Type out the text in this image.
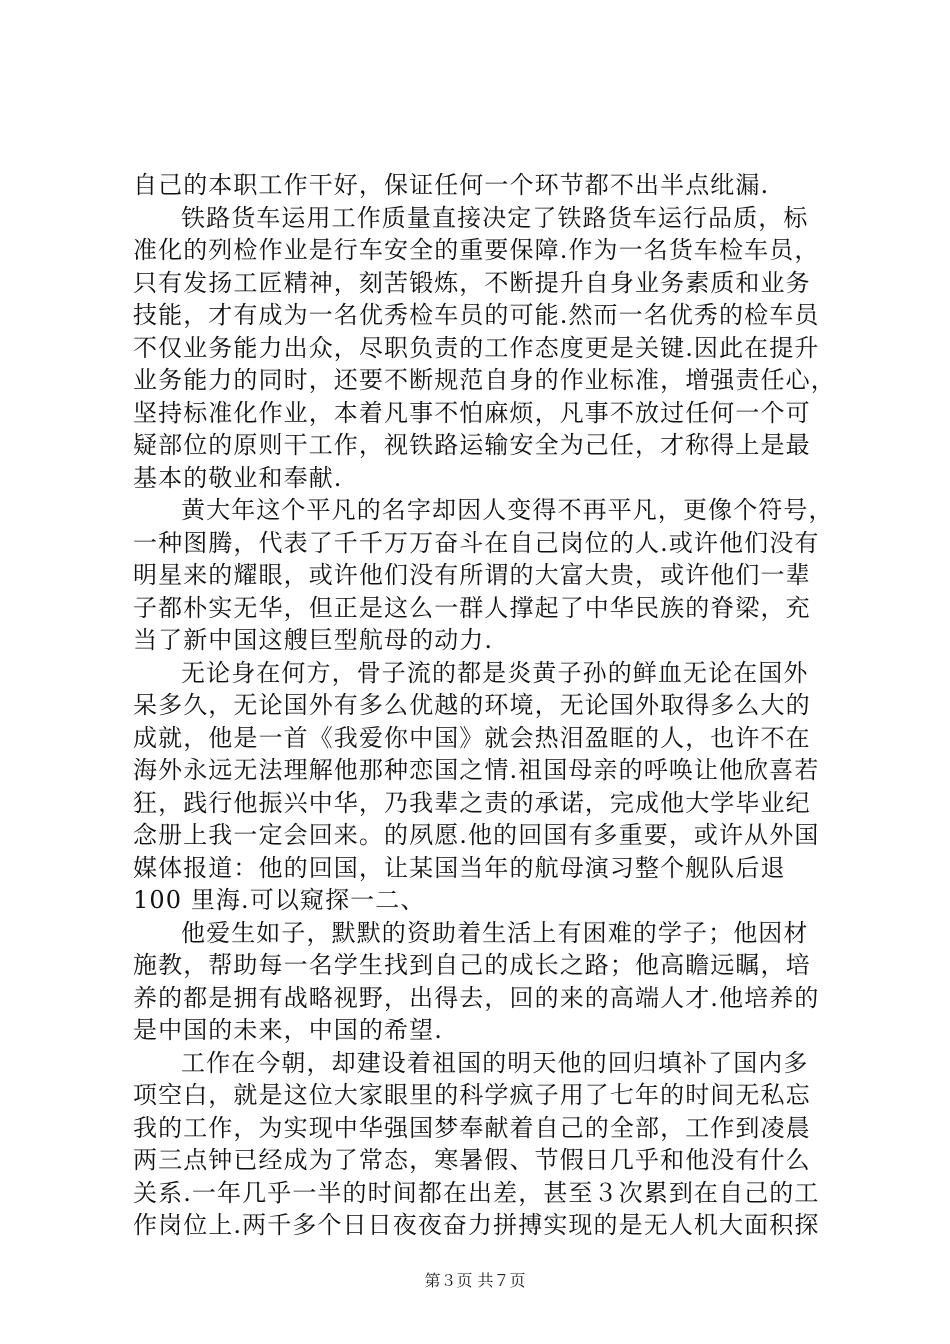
自己的本职工作干好，保证任何一个环节都不出半点纰漏.
铁路货车运用工作质量直接决定了铁路货车运行品质，标
准化的列检作业是行车安全的重要保障.作为一名货车检车员，
只有发扬工匠精神，刻苦锻炼，不断提升自身业务素质和业务
技能，才有成为一名优秀检车员的可能.然而一名优秀的检车员
不仅业务能力出众，尽职负责的工作态度更是关键.因此在提升
业务能力的同时，还要不断规范自身的作业标准，增强责任心，
坚持标准化作业，本着凡事不怕麻烦，凡事不放过任何一个可
疑部位的原则干工作，视铁路运输安全为己任，才称得上是最
基本的敬业和奉献.
黄大年这个平凡的名字却因人变得不再平凡，更像个符号，
一种图腾，代表了千千万万奋斗在自己岗位的人.或许他们没有
明星来的耀眼，或许他们没有所谓的大富大贵，或许他们一辈
子都朴实无华，但正是这么一群人撑起了中华民族的脊梁，充
当了新中国这艘巨型航母的动力.
无论身在何方，骨子流的都是炎黄子孙的鲜血无论在国外
呆多久，无论国外有多么优越的环境，无论国外取得多么大的
成就，他是一首《我爱你中国》就会热泪盈眶的人，也许不在
海外永远无法理解他那种恋国之情.祖国母亲的呼唤让他欣喜若
狂，践行他振兴中华，乃我辈之责的承诺，完成他大学毕业纪
念册上我一定会回来。的夙愿.他的回国有多重要，或许从外国
媒体报道：他的回国，让某国当年的航母演习整个舰队后退
100 里海.可以窥探一二、
他爱生如子，默默的资助着生活上有困难的学子；他因材
施教，帮助每一名学生找到自己的成长之路；他高瞻远瞩，培
养的都是拥有战略视野，出得去，回的来的高端人才.他培养的
是中国的未来，中国的希望.
工作在今朝，却建设着祖国的明天他的回归填补了国内多
项空白，就是这位大家眼里的科学疯子用了七年的时间无私忘
我的工作，为实现中华强国梦奉献着自己的全部，工作到凌晨
两三点钟已经成为了常态，寒暑假、节假日几乎和他没有什么
关系.一年几乎一半的时间都在出差，甚至３次累到在自己的工
作岗位上.两千多个日日夜夜奋力拼搏实现的是无人机大面积探
第３页 共７页
